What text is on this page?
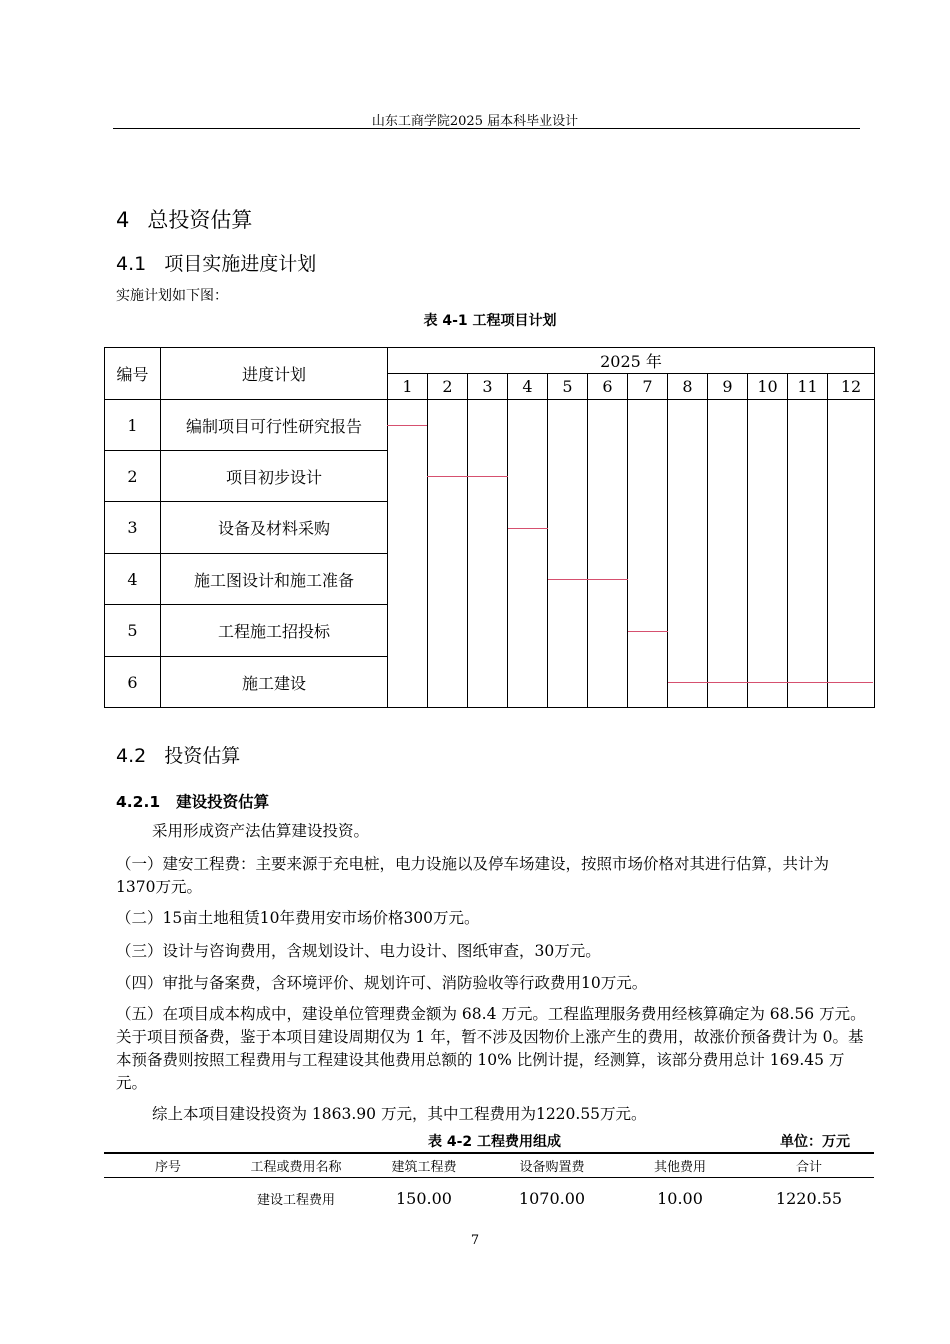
山东工商学院2025 届本科毕业设计
4 总投资估算
4.1 项目实施进度计划
实施计划如下图：
表 4-1 工程项目计划
编号	进度计划	2025 年											
		1	2	3	4	5	6	7	8	9	10	11	12
1	编制项目可行性研究报告												
2	项目初步设计												
3	设备及材料采购												
4	施工图设计和施工准备												
5	工程施工招投标												
6	施工建设												
4.2 投资估算
4.2.1 建设投资估算
采用形成资产法估算建设投资。
（一）建安工程费：主要来源于充电桩，电力设施以及停车场建设，按照市场价格对其进行估算，共计为1370万元。
（二）15亩土地租赁10年费用安市场价格300万元。
（三）设计与咨询费用，含规划设计、电力设计、图纸审查，30万元。
（四）审批与备案费，含环境评价、规划许可、消防验收等行政费用10万元。
（五）在项目成本构成中，建设单位管理费金额为 68.4 万元。工程监理服务费用经核算确定为 68.56 万元。关于项目预备费，鉴于本项目建设周期仅为 1 年，暂不涉及因物价上涨产生的费用，故涨价预备费计为 0。基本预备费则按照工程费用与工程建设其他费用总额的 10% 比例计提，经测算，该部分费用总计 169.45 万元。
综上本项目建设投资为 1863.90 万元，其中工程费用为1220.55万元。
表 4-2 工程费用组成	单位：万元
序号	工程或费用名称	建筑工程费	设备购置费	其他费用	合计
	建设工程费用	150.00	1070.00	10.00	1220.55
7
